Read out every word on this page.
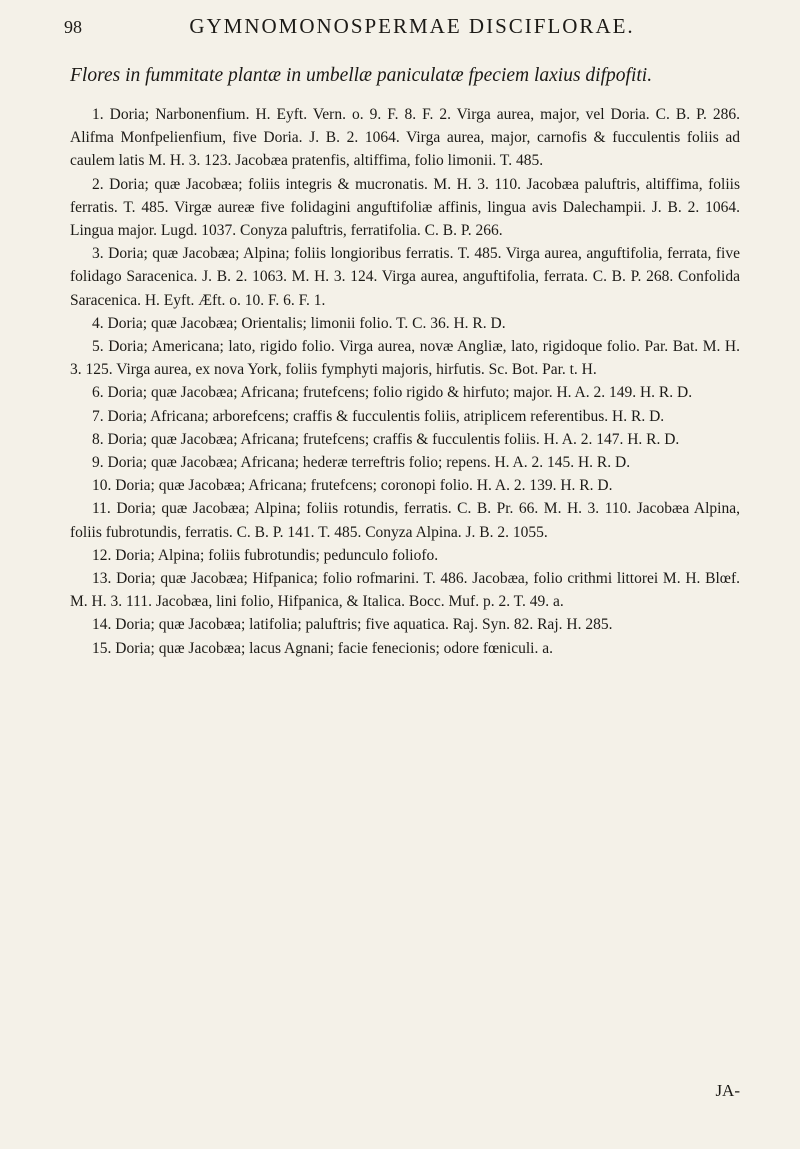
98	GYMNOMONOSPERMAE DISCIFLORAE.
Flores in fummitate plantæ in umbellæ paniculatæ fpeciem laxius difpofiti.

1. Doria; Narbonenfium. H. Eyft. Vern. o. 9. F. 8. F. 2. Virga aurea, major, vel Doria. C. B. P. 286. Alifma Monfpelienfium, five Doria. J. B. 2. 1064. Virga aurea, major, carnofis & fucculentis foliis ad caulem latis M. H. 3. 123. Jacobæa pratenfis, altiffima, folio limonii. T. 485.

2. Doria; quæ Jacobæa; foliis integris & mucronatis. M. H. 3. 110. Jacobæa paluftris, altiffima, foliis ferratis. T. 485. Virgæ aureæ five folidagini anguftifoliæ affinis, lingua avis Dalechampii. J. B. 2. 1064. Lingua major. Lugd. 1037. Conyza paluftris, ferratifolia. C. B. P. 266.

3. Doria; quæ Jacobæa; Alpina; foliis longioribus ferratis. T. 485. Virga aurea, anguftifolia, ferrata, five folidago Saracenica. J. B. 2. 1063. M. H. 3. 124. Virga aurea, anguftifolia, ferrata. C. B. P. 268. Confolida Saracenica. H. Eyft. Æft. o. 10. F. 6. F. 1.

4. Doria; quæ Jacobæa; Orientalis; limonii folio. T. C. 36. H. R. D.

5. Doria; Americana; lato, rigido folio. Virga aurea, novæ Angliæ, lato, rigidoque folio. Par. Bat. M. H. 3. 125. Virga aurea, ex nova York, foliis fymphyti majoris, hirfutis. Sc. Bot. Par. t. H.

6. Doria; quæ Jacobæa; Africana; frutefcens; folio rigido & hirfuto; major. H. A. 2. 149. H. R. D.

7. Doria; Africana; arborefcens; craffis & fucculentis foliis, atriplicem referentibus. H. R. D.

8. Doria; quæ Jacobæa; Africana; frutefcens; craffis & fucculentis foliis. H. A. 2. 147. H. R. D.

9. Doria; quæ Jacobæa; Africana; hederæ terreftris folio; repens. H. A. 2. 145. H. R. D.

10. Doria; quæ Jacobæa; Africana; frutefcens; coronopi folio. H. A. 2. 139. H. R. D.

11. Doria; quæ Jacobæa; Alpina; foliis rotundis, ferratis. C. B. Pr. 66. M. H. 3. 110. Jacobæa Alpina, foliis fubrotundis, ferratis. C. B. P. 141. T. 485. Conyza Alpina. J. B. 2. 1055.

12. Doria; Alpina; foliis fubrotundis; pedunculo foliofo.

13. Doria; quæ Jacobæa; Hifpanica; folio rofmarini. T. 486. Jacobæa, folio crithmi littorei M. H. Blœf. M. H. 3. 111. Jacobæa, lini folio, Hifpanica, & Italica. Bocc. Muf. p. 2. T. 49. a.

14. Doria; quæ Jacobæa; latifolia; paluftris; five aquatica. Raj. Syn. 82. Raj. H. 285.

15. Doria; quæ Jacobæa; lacus Agnani; facie fenecionis; odore fœniculi. a.

JA-
